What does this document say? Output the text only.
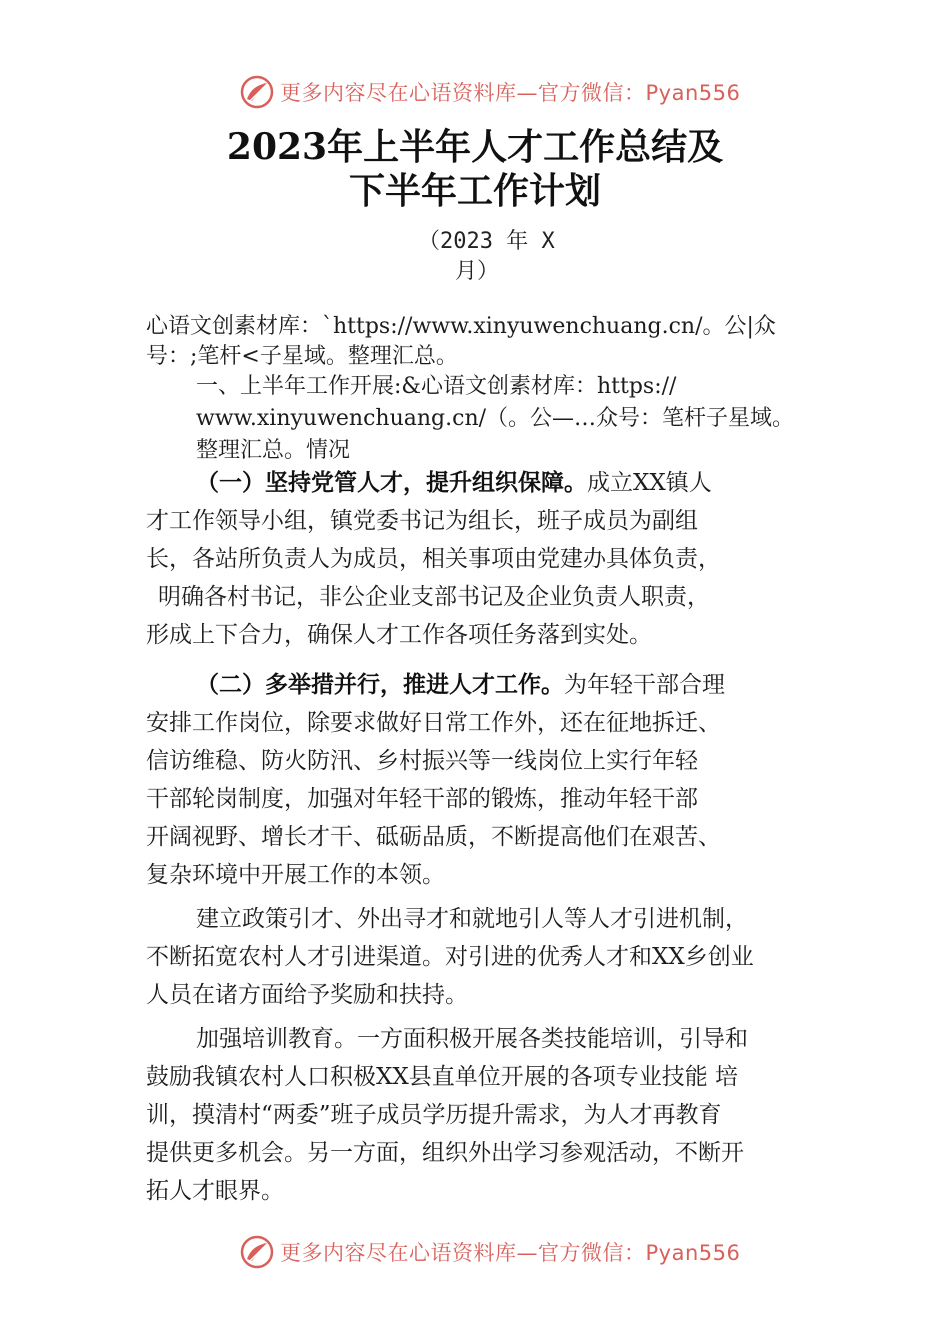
更多内容尽在心语资料库—官方微信：Pyan556
2023年上半年人才工作总结及
下半年工作计划
（2023 年 X
月）
心语文创素材库：`https://www.xinyuwenchuang.cn/。公|众
号：;笔杆<子星域。整理汇总。
一、上半年工作开展:&心语文创素材库：https://
www.xinyuwenchuang.cn/（。公—…众号：笔杆子星域。
整理汇总。情况
（一）坚持党管人才，提升组织保障。成立XX镇人
才工作领导小组，镇党委书记为组长，班子成员为副组
长，各站所负责人为成员，相关事项由党建办具体负责，
明确各村书记，非公企业支部书记及企业负责人职责，
形成上下合力，确保人才工作各项任务落到实处。
（二）多举措并行，推进人才工作。为年轻干部合理
安排工作岗位，除要求做好日常工作外，还在征地拆迁、
信访维稳、防火防汛、乡村振兴等一线岗位上实行年轻
干部轮岗制度，加强对年轻干部的锻炼，推动年轻干部
开阔视野、增长才干、砥砺品质，不断提高他们在艰苦、
复杂环境中开展工作的本领。
建立政策引才、外出寻才和就地引人等人才引进机制，
不断拓宽农村人才引进渠道。对引进的优秀人才和XX乡创业
人员在诸方面给予奖励和扶持。
加强培训教育。一方面积极开展各类技能培训，引导和
鼓励我镇农村人口积极XX县直单位开展的各项专业技能 培
训，摸清村“两委”班子成员学历提升需求，为人才再教育
提供更多机会。另一方面，组织外出学习参观活动，不断开
拓人才眼界。
更多内容尽在心语资料库—官方微信：Pyan556
